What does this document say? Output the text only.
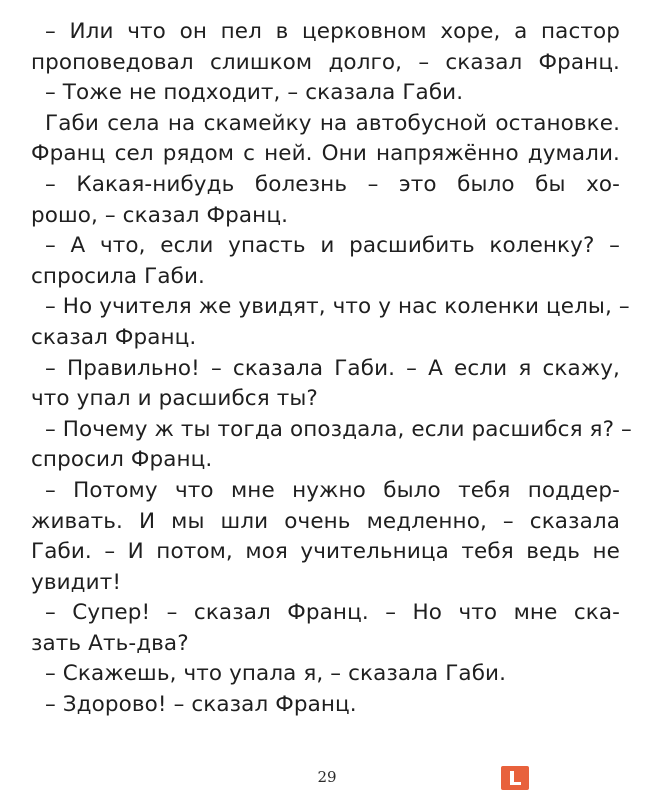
– Или что он пел в церковном хоре, а пастор
проповедовал слишком долго, – сказал Франц.
– Тоже не подходит, – сказала Габи.
Габи села на скамейку на автобусной остановке.
Франц сел рядом с ней. Они напряжённо думали.
– Какая-нибудь болезнь – это было бы хо-
рошо, – сказал Франц.
– А что, если упасть и расшибить коленку? –
спросила Габи.
– Но учителя же увидят, что у нас коленки целы, –
сказал Франц.
– Правильно! – сказала Габи. – А если я скажу,
что упал и расшибся ты?
– Почему ж ты тогда опоздала, если расшибся я? –
спросил Франц.
– Потому что мне нужно было тебя поддер-
живать. И мы шли очень медленно, – сказала
Габи. – И потом, моя учительница тебя ведь не
увидит!
– Супер! – сказал Франц. – Но что мне ска-
зать Ать-два?
– Скажешь, что упала я, – сказала Габи.
– Здорово! – сказал Франц.
29
